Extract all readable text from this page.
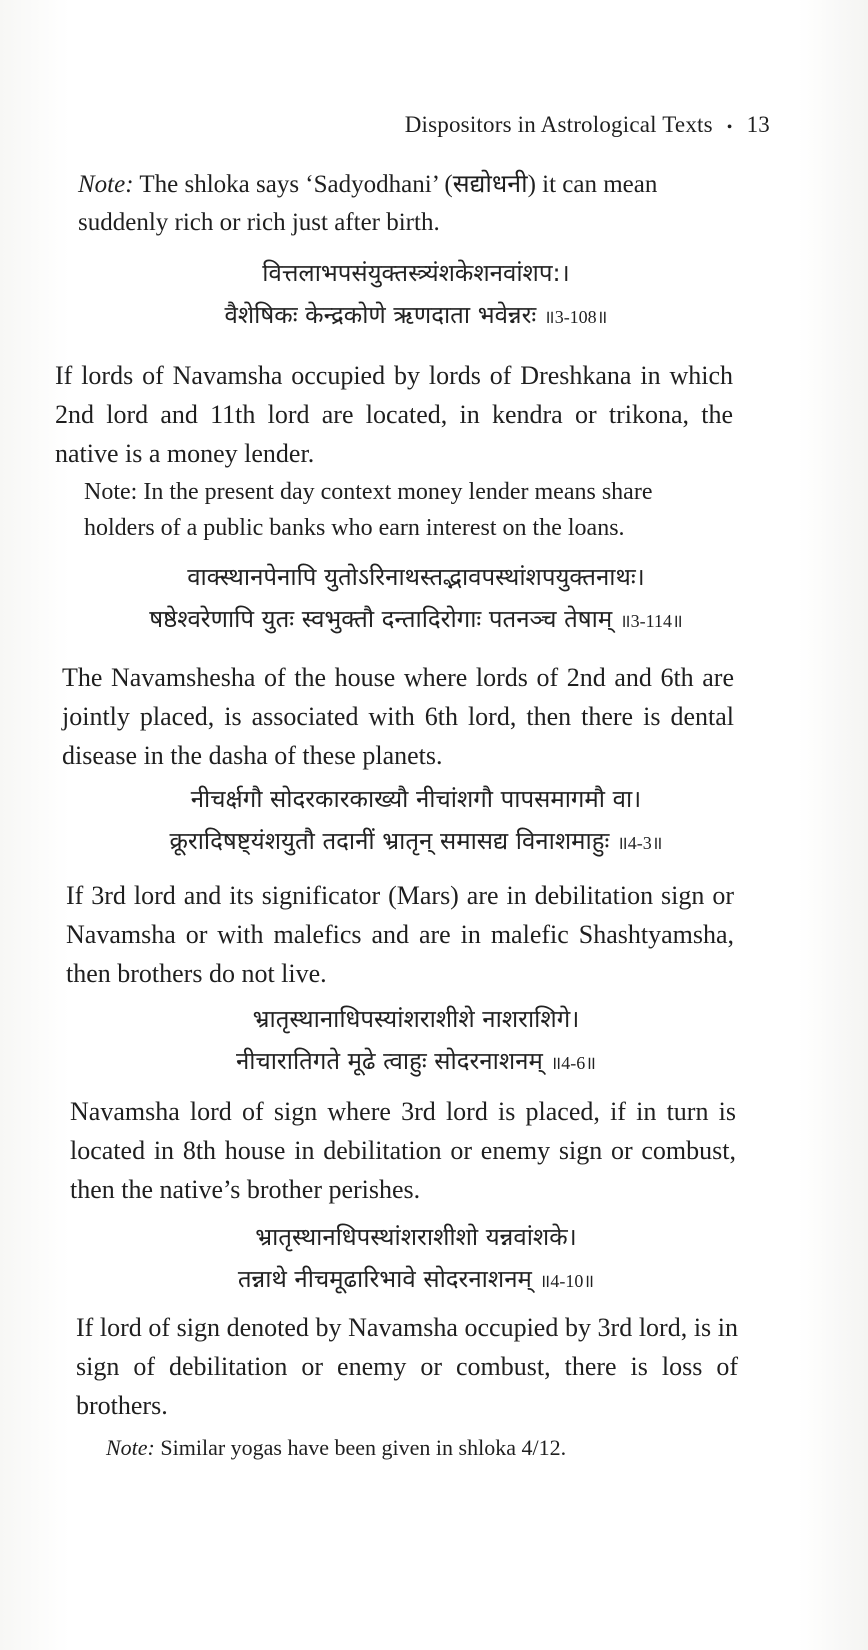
Dispositors in Astrological Texts • 13
Note: The shloka says ‘Sadyodhani’ (सद्योधनी) it can mean suddenly rich or rich just after birth.
वित्तलाभपसंयुक्तस्त्र्यंशकेशनवांशप:।
वैशेषिकः केन्द्रकोणे ऋणदाता भवेन्नरः ॥3-108॥
If lords of Navamsha occupied by lords of Dreshkana in which 2nd lord and 11th lord are located, in kendra or trikona, the native is a money lender.
Note: In the present day context money lender means share holders of a public banks who earn interest on the loans.
वाक्स्थानपेनापि युतोऽरिनाथस्तद्भावपस्थांशपयुक्तनाथः।
षष्ठेश्वरेणापि युतः स्वभुक्तौ दन्तादिरोगाः पतनञ्च तेषाम् ॥3-114॥
The Navamshesha of the house where lords of 2nd and 6th are jointly placed, is associated with 6th lord, then there is dental disease in the dasha of these planets.
नीचर्क्षगौ सोदरकारकाख्यौ नीचांशगौ पापसमागमौ वा।
क्रूरादिषष्ट्यंशयुतौ तदानीं भ्रातृन् समासद्य विनाशमाहुः ॥4-3॥
If 3rd lord and its significator (Mars) are in debilitation sign or Navamsha or with malefics and are in malefic Shashtyamsha, then brothers do not live.
भ्रातृस्थानाधिपस्यांशराशीशे नाशराशिगे।
नीचारातिगते मूढे त्वाहुः सोदरनाशनम् ॥4-6॥
Navamsha lord of sign where 3rd lord is placed, if in turn is located in 8th house in debilitation or enemy sign or combust, then the native’s brother perishes.
भ्रातृस्थानधिपस्थांशराशीशो यन्नवांशके।
तन्नाथे नीचमूढारिभावे सोदरनाशनम् ॥4-10॥
If lord of sign denoted by Navamsha occupied by 3rd lord, is in sign of debilitation or enemy or combust, there is loss of brothers.
Note: Similar yogas have been given in shloka 4/12.
